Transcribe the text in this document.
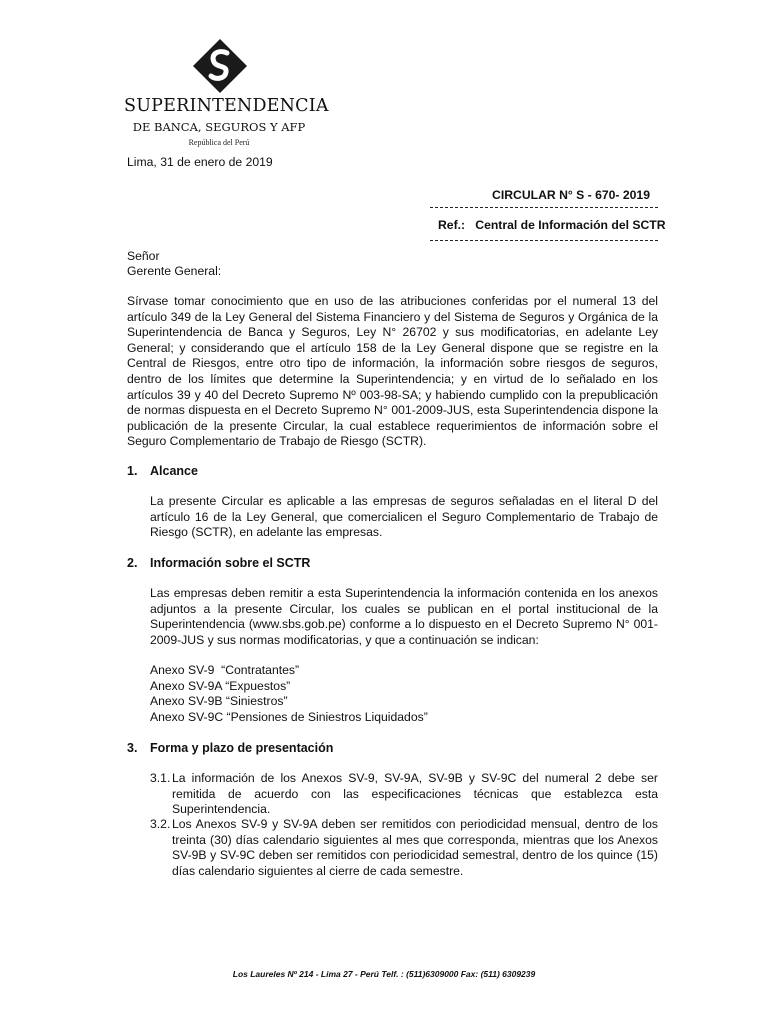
SUPERINTENDENCIA
DE BANCA, SEGUROS Y AFP
República del Perú
Lima, 31 de enero de 2019
CIRCULAR N° S - 670- 2019
Ref.: Central de Información del SCTR
Señor
Gerente General:
Sírvase tomar conocimiento que en uso de las atribuciones conferidas por el numeral 13 del artículo 349 de la Ley General del Sistema Financiero y del Sistema de Seguros y Orgánica de la Superintendencia de Banca y Seguros, Ley N° 26702 y sus modificatorias, en adelante Ley General; y considerando que el artículo 158 de la Ley General dispone que se registre en la Central de Riesgos, entre otro tipo de información, la información sobre riesgos de seguros, dentro de los límites que determine la Superintendencia; y en virtud de lo señalado en los artículos 39 y 40 del Decreto Supremo Nº 003-98-SA; y habiendo cumplido con la prepublicación de normas dispuesta en el Decreto Supremo N° 001-2009-JUS, esta Superintendencia dispone la publicación de la presente Circular, la cual establece requerimientos de información sobre el Seguro Complementario de Trabajo de Riesgo (SCTR).
1. Alcance
La presente Circular es aplicable a las empresas de seguros señaladas en el literal D del artículo 16 de la Ley General, que comercialicen el Seguro Complementario de Trabajo de Riesgo (SCTR), en adelante las empresas.
2. Información sobre el SCTR
Las empresas deben remitir a esta Superintendencia la información contenida en los anexos adjuntos a la presente Circular, los cuales se publican en el portal institucional de la Superintendencia (www.sbs.gob.pe) conforme a lo dispuesto en el Decreto Supremo N° 001-2009-JUS y sus normas modificatorias, y que a continuación se indican:
Anexo SV-9  “Contratantes”
Anexo SV-9A “Expuestos”
Anexo SV-9B “Siniestros”
Anexo SV-9C “Pensiones de Siniestros Liquidados”
3. Forma y plazo de presentación
3.1. La información de los Anexos SV-9, SV-9A, SV-9B y SV-9C del numeral 2 debe ser remitida de acuerdo con las especificaciones técnicas que establezca esta Superintendencia.
3.2. Los Anexos SV-9 y SV-9A deben ser remitidos con periodicidad mensual, dentro de los treinta (30) días calendario siguientes al mes que corresponda, mientras que los Anexos SV-9B y SV-9C deben ser remitidos con periodicidad semestral, dentro de los quince (15) días calendario siguientes al cierre de cada semestre.
Los Laureles Nº 214 - Lima 27 - Perú Telf. : (511)6309000 Fax: (511) 6309239
